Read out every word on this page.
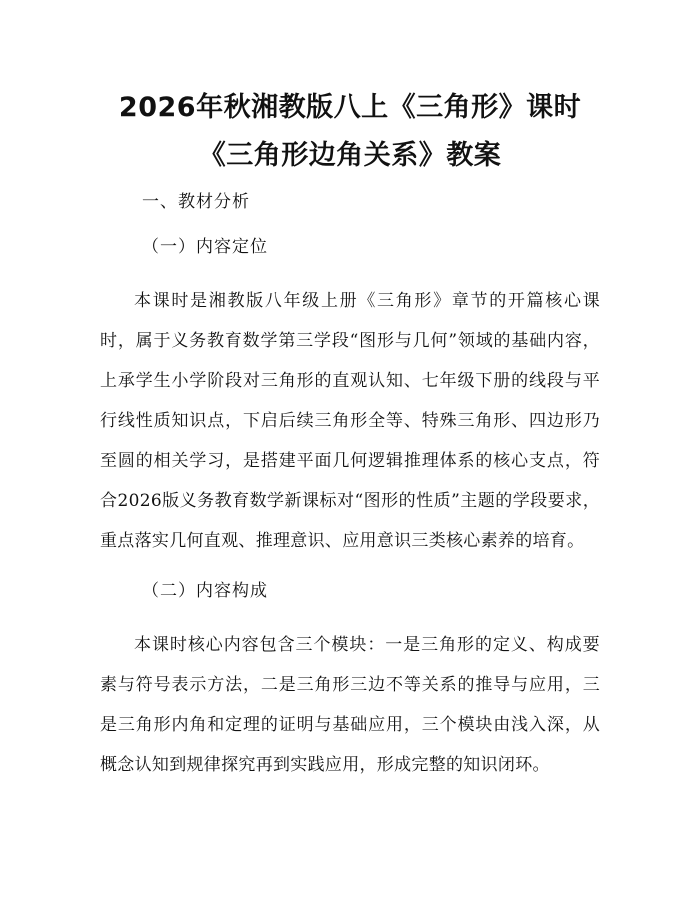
2026年秋湘教版八上《三角形》课时《三角形边角关系》教案

一、教材分析

（一）内容定位

本课时是湘教版八年级上册《三角形》章节的开篇核心课时，属于义务教育数学第三学段“图形与几何”领域的基础内容，上承学生小学阶段对三角形的直观认知、七年级下册的线段与平行线性质知识点，下启后续三角形全等、特殊三角形、四边形乃至圆的相关学习，是搭建平面几何逻辑推理体系的核心支点，符合2026版义务教育数学新课标对“图形的性质”主题的学段要求，重点落实几何直观、推理意识、应用意识三类核心素养的培育。

（二）内容构成

本课时核心内容包含三个模块：一是三角形的定义、构成要素与符号表示方法，二是三角形三边不等关系的推导与应用，三是三角形内角和定理的证明与基础应用，三个模块由浅入深，从概念认知到规律探究再到实践应用，形成完整的知识闭环。
